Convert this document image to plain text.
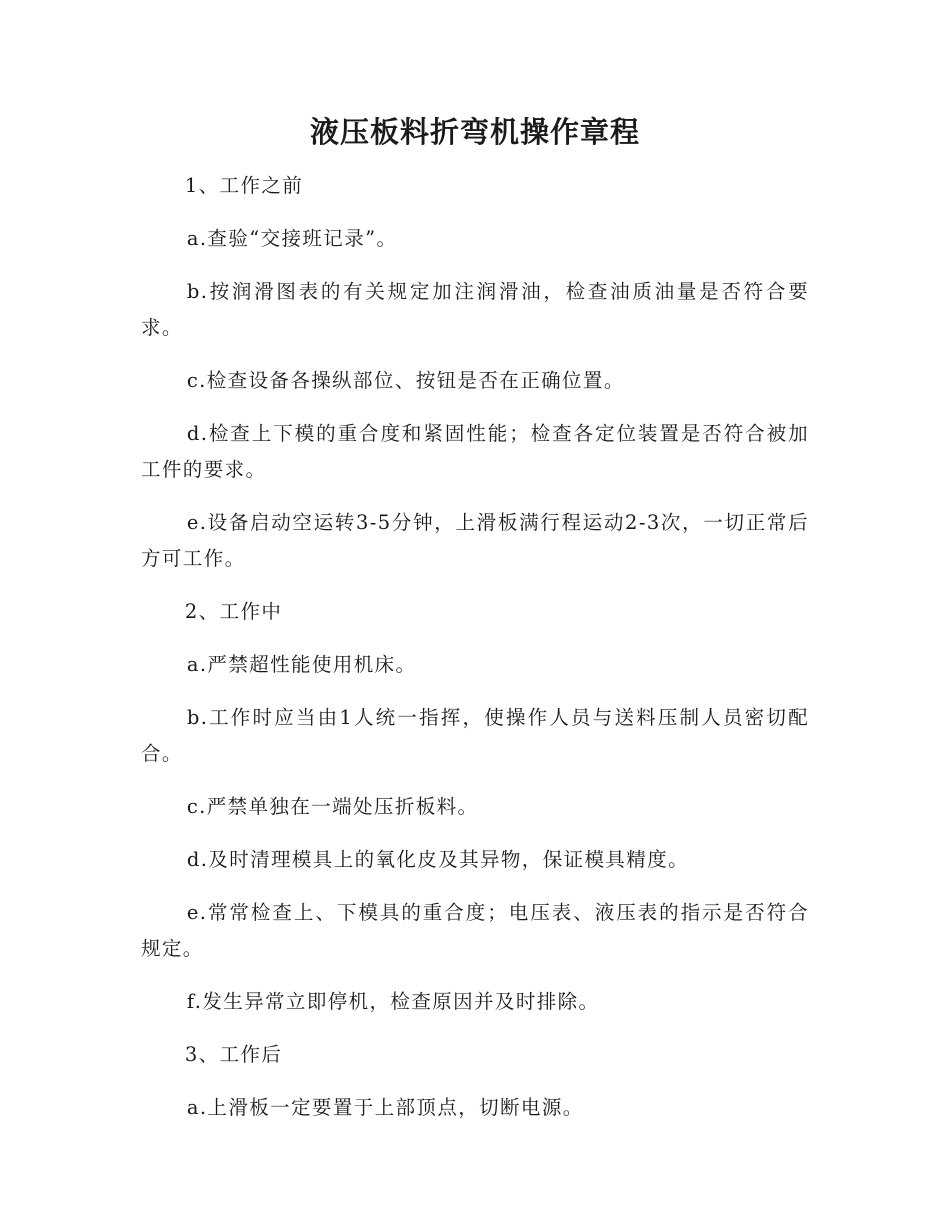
液压板料折弯机操作章程

1、工作之前

a.查验“交接班记录”。

b.按润滑图表的有关规定加注润滑油，检查油质油量是否符合要求。

c.检查设备各操纵部位、按钮是否在正确位置。

d.检查上下模的重合度和紧固性能；检查各定位装置是否符合被加工件的要求。

e.设备启动空运转3-5分钟，上滑板满行程运动2-3次，一切正常后方可工作。

2、工作中

a.严禁超性能使用机床。

b.工作时应当由1人统一指挥，使操作人员与送料压制人员密切配合。

c.严禁单独在一端处压折板料。

d.及时清理模具上的氧化皮及其异物，保证模具精度。

e.常常检查上、下模具的重合度；电压表、液压表的指示是否符合规定。

f.发生异常立即停机，检查原因并及时排除。

3、工作后

a.上滑板一定要置于上部顶点，切断电源。
